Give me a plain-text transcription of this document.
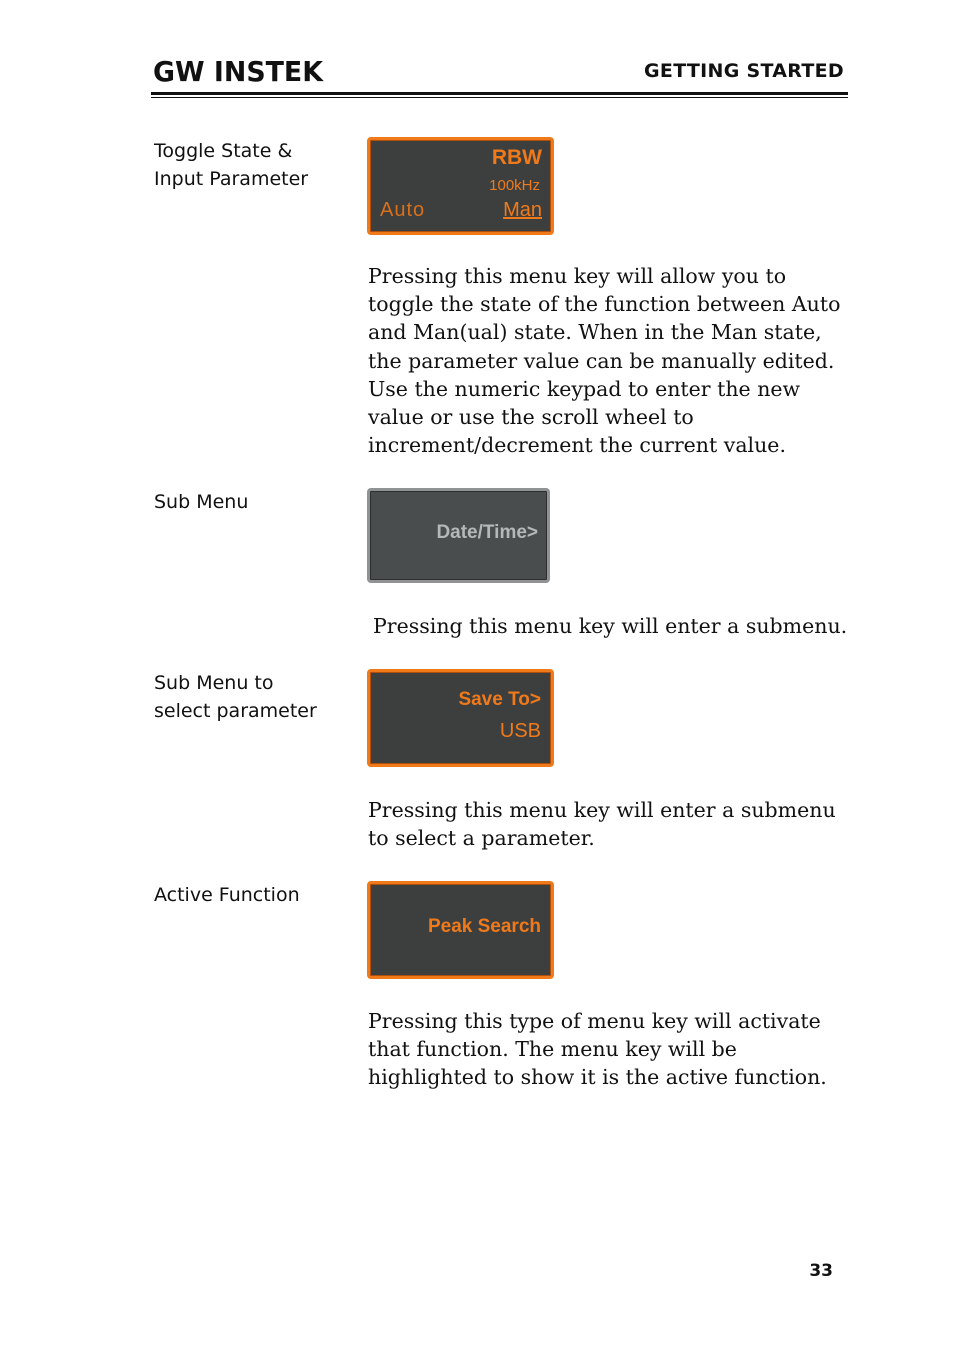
GW INSTEK	GETTING STARTED
Toggle State &
Input Parameter
RBW
100kHz
Auto	Man
Pressing this menu key will allow you to toggle the state of the function between Auto and Man(ual) state. When in the Man state, the parameter value can be manually edited. Use the numeric keypad to enter the new value or use the scroll wheel to increment/decrement the current value.
Sub Menu
Date/Time>
Pressing this menu key will enter a submenu.
Sub Menu to
select parameter
Save To>
USB
Pressing this menu key will enter a submenu to select a parameter.
Active Function
Peak Search
Pressing this type of menu key will activate that function. The menu key will be highlighted to show it is the active function.
33
